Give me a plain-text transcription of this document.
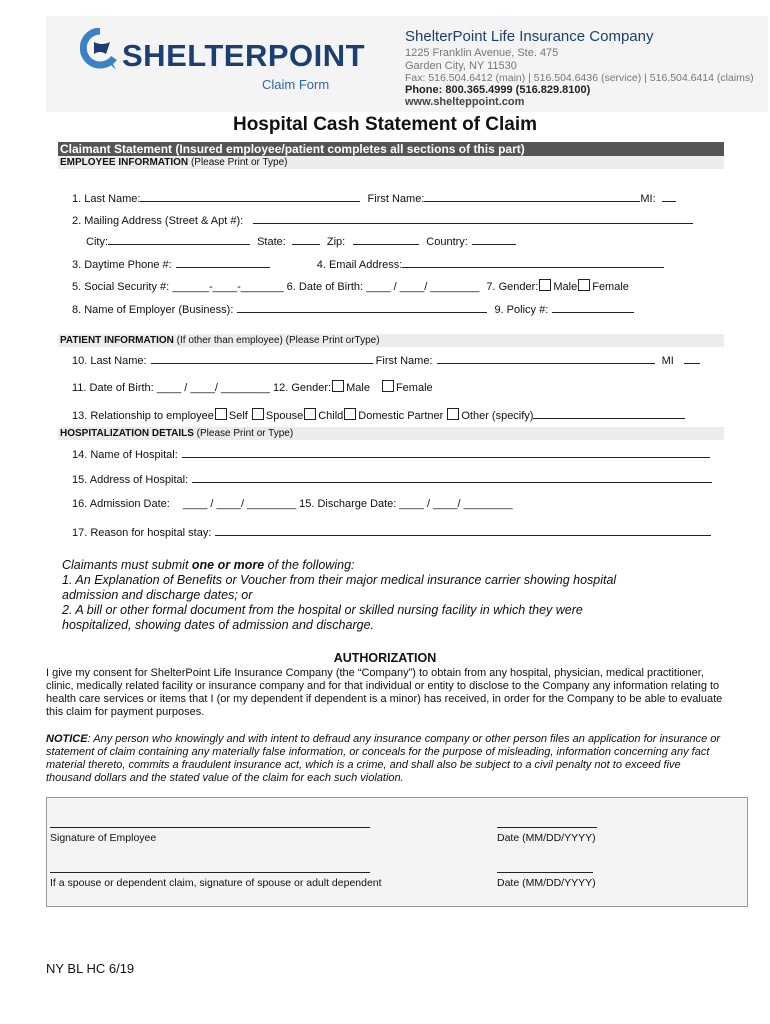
SHELTERPOINT
Claim Form
ShelterPoint Life Insurance Company
1225 Franklin Avenue, Ste. 475
Garden City, NY 11530
Fax: 516.504.6412 (main) | 516.504.6436 (service) | 516.504.6414 (claims)
Phone: 800.365.4999 (516.829.8100)
www.sheltерpoint.com
Hospital Cash Statement of Claim
Claimant Statement (Insured employee/patient completes all sections of this part)
EMPLOYEE INFORMATION (Please Print or Type)
1. Last Name:	First Name:	MI:
2. Mailing Address (Street & Apt #):
City:	State:	Zip:	Country:
3. Daytime Phone #:	4. Email Address:
5. Social Security #: ______-____-_______ 6. Date of Birth: ____ / ____/ ________ 7. Gender: Male Female
8. Name of Employer (Business):	9. Policy #:
PATIENT INFORMATION (If other than employee) (Please Print orType)
10. Last Name:	First Name:	MI
11. Date of Birth: ____ / ____/ ________ 12. Gender: Male Female
13. Relationship to employee Self Spouse Child Domestic Partner Other (specify)
HOSPITALIZATION DETAILS (Please Print or Type)
14. Name of Hospital:
15. Address of Hospital:
16. Admission Date: ____ / ____/ ________ 15. Discharge Date: ____ / ____/ ________
17. Reason for hospital stay:
Claimants must submit one or more of the following:
1. An Explanation of Benefits or Voucher from their major medical insurance carrier showing hospital admission and discharge dates; or
2. A bill or other formal document from the hospital or skilled nursing facility in which they were hospitalized, showing dates of admission and discharge.
AUTHORIZATION
I give my consent for ShelterPoint Life Insurance Company (the “Company”) to obtain from any hospital, physician, medical practitioner, clinic, medically related facility or insurance company and for that individual or entity to disclose to the Company any information relating to health care services or items that I (or my dependent if dependent is a minor) has received, in order for the Company to be able to evaluate this claim for payment purposes.
NOTICE: Any person who knowingly and with intent to defraud any insurance company or other person files an application for insurance or statement of claim containing any materially false information, or conceals for the purpose of misleading, information concerning any fact material thereto, commits a fraudulent insurance act, which is a crime, and shall also be subject to a civil penalty not to exceed five thousand dollars and the stated value of the claim for each such violation.
Signature of Employee	Date (MM/DD/YYYY)
If a spouse or dependent claim, signature of spouse or adult dependent	Date (MM/DD/YYYY)
NY BL HC 6/19
